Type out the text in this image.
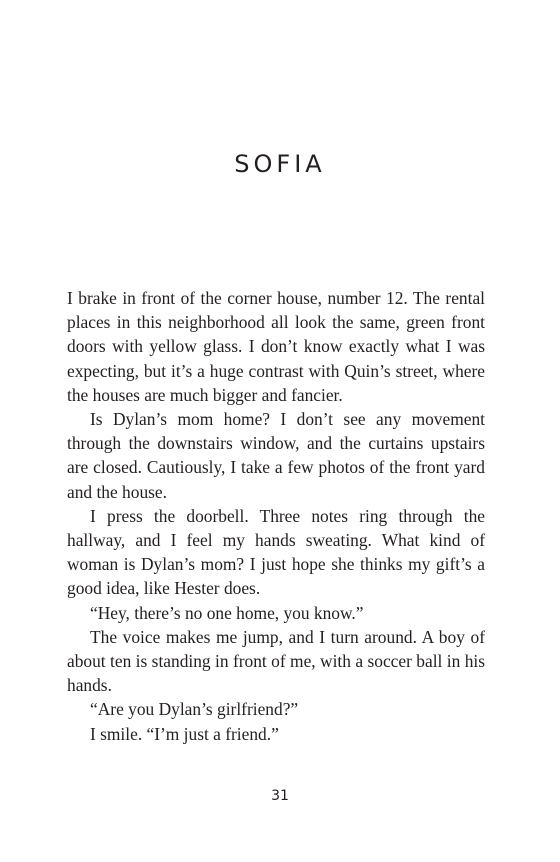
SOFIA

I brake in front of the corner house, number 12. The rental places in this neighborhood all look the same, green front doors with yellow glass. I don’t know exactly what I was expecting, but it’s a huge contrast with Quin’s street, where the houses are much bigger and fancier.

Is Dylan’s mom home? I don’t see any movement through the downstairs window, and the curtains upstairs are closed. Cautiously, I take a few photos of the front yard and the house.

I press the doorbell. Three notes ring through the hallway, and I feel my hands sweating. What kind of woman is Dylan’s mom? I just hope she thinks my gift’s a good idea, like Hester does.

“Hey, there’s no one home, you know.”

The voice makes me jump, and I turn around. A boy of about ten is standing in front of me, with a soccer ball in his hands.

“Are you Dylan’s girlfriend?”

I smile. “I’m just a friend.”

31
